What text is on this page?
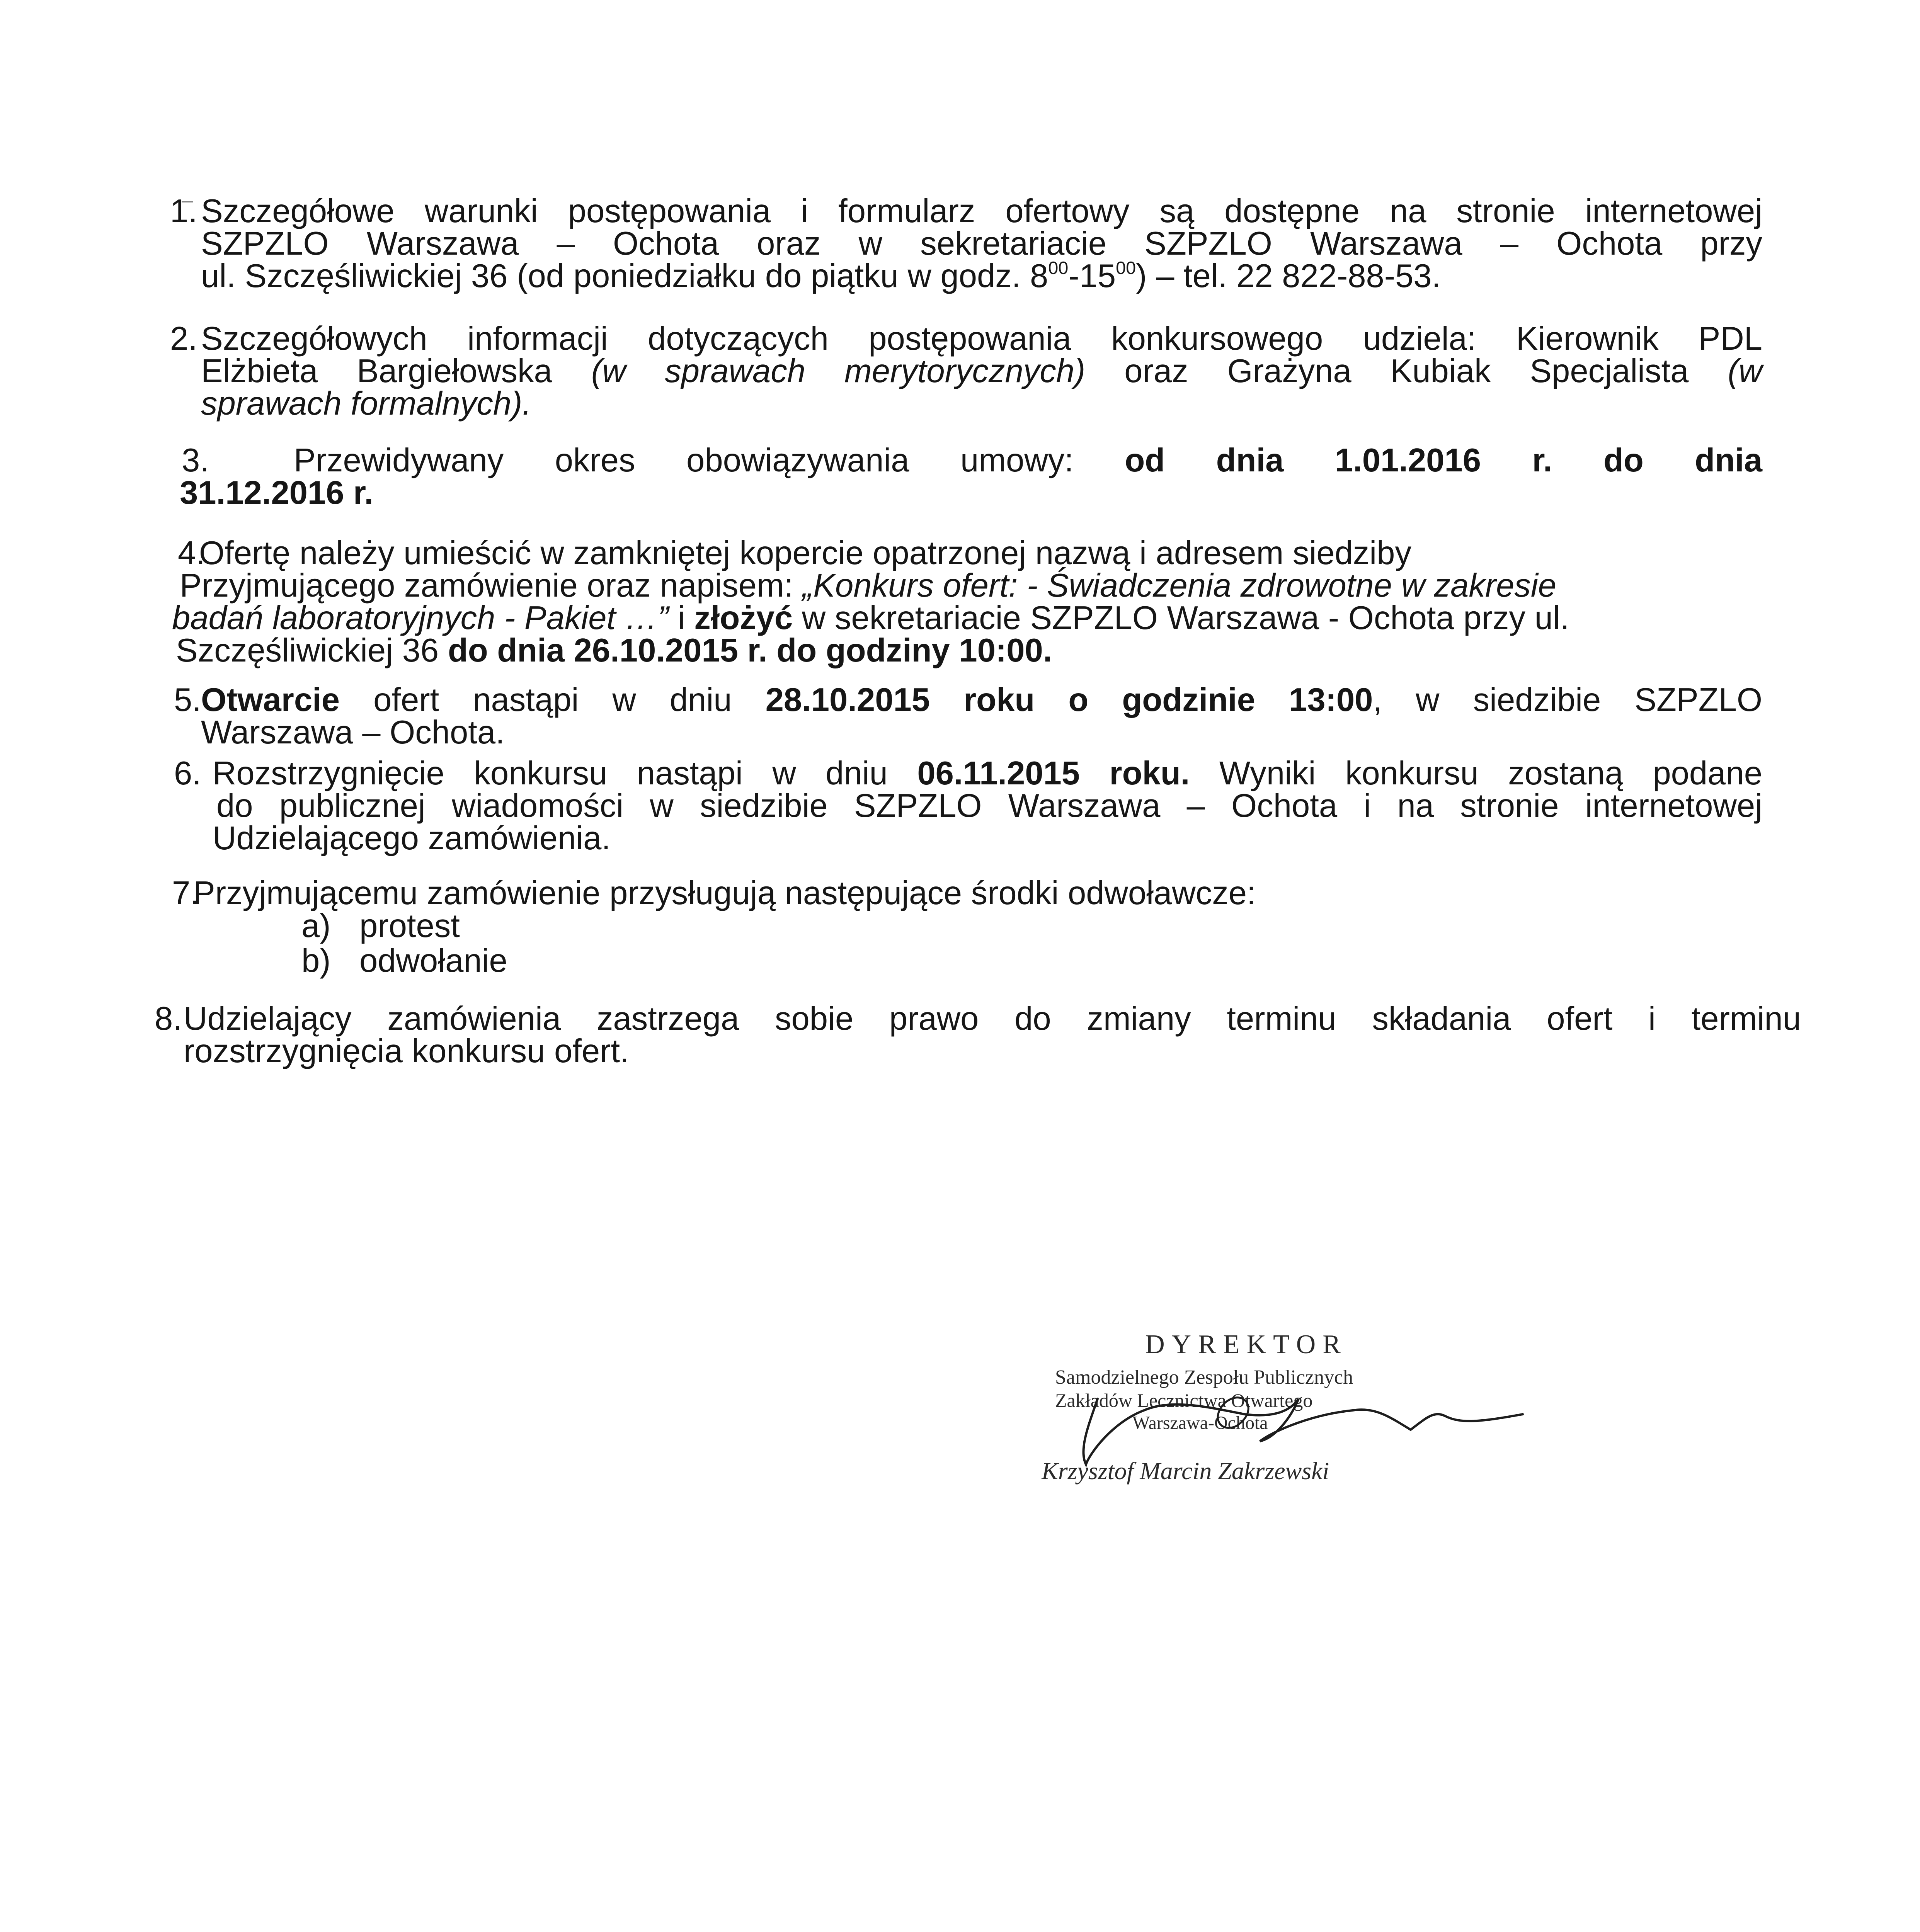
1. Szczegółowe warunki postępowania i formularz ofertowy są dostępne na stronie internetowej
SZPZLO Warszawa – Ochota oraz w sekretariacie SZPZLO Warszawa – Ochota przy
ul. Szczęśliwickiej 36 (od poniedziałku do piątku w godz. $8^{00}-15^{00}$) – tel. 22 822-88-53.
2. Szczegółowych informacji dotyczących postępowania konkursowego udziela: Kierownik PDL
Elżbieta Bargiełowska (w sprawach merytorycznych) oraz Grażyna Kubiak Specjalista (w
sprawach formalnych).
3.	Przewidywany okres obowiązywania umowy: od dnia 1.01.2016 r. do dnia
31.12.2016 r.
4.
Ofertę należy umieścić w zamkniętej kopercie opatrzonej nazwą i adresem siedziby
Przyjmującego zamówienie oraz napisem: „Konkurs ofert: - Świadczenia zdrowotne w zakresie
badań laboratoryjnych - Pakiet …” i złożyć w sekretariacie SZPZLO Warszawa - Ochota przy ul.
Szczęśliwickiej 36 do dnia 26.10.2015 r. do godziny 10:00.
5. Otwarcie ofert nastąpi w dniu 28.10.2015 roku o godzinie 13:00, w siedzibie SZPZLO
Warszawa – Ochota.
6. Rozstrzygnięcie konkursu nastąpi w dniu 06.11.2015 roku. Wyniki konkursu zostaną podane
do publicznej wiadomości w siedzibie SZPZLO Warszawa – Ochota i na stronie internetowej
Udzielającego zamówienia.
7.
Przyjmującemu zamówienie przysługują następujące środki odwoławcze:
a) protest
b) odwołanie
8. Udzielający zamówienia zastrzega sobie prawo do zmiany terminu składania ofert i terminu
rozstrzygnięcia konkursu ofert.
DYREKTOR
Samodzielnego Zespołu Publicznych
Zakładów Lecznictwa Otwartego
Warszawa-Ochota
Krzysztof Marcin Zakrzewski
